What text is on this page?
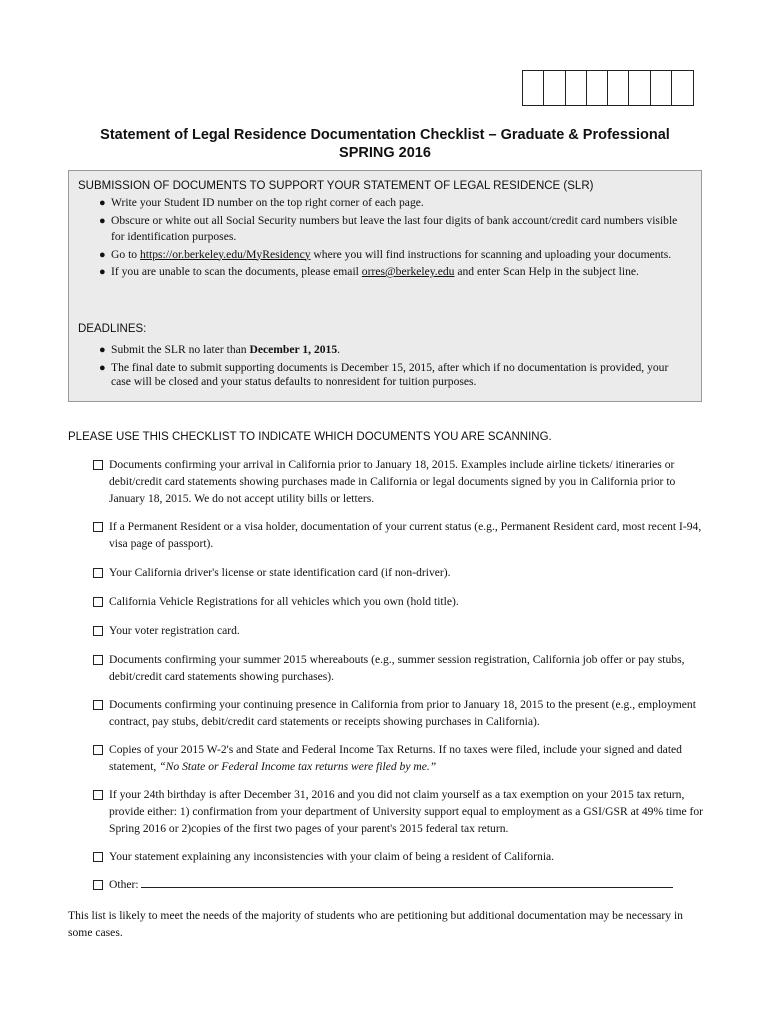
Statement of Legal Residence Documentation Checklist – Graduate & Professional
SPRING 2016
SUBMISSION OF DOCUMENTS TO SUPPORT YOUR STATEMENT OF LEGAL RESIDENCE (SLR)
● Write your Student ID number on the top right corner of each page.
● Obscure or white out all Social Security numbers but leave the last four digits of bank account/credit card numbers visible for identification purposes.
● Go to https://or.berkeley.edu/MyResidency where you will find instructions for scanning and uploading your documents.
● If you are unable to scan the documents, please email orres@berkeley.edu and enter Scan Help in the subject line.
DEADLINES:
● Submit the SLR no later than December 1, 2015.
● The final date to submit supporting documents is December 15, 2015, after which if no documentation is provided, your case will be closed and your status defaults to nonresident for tuition purposes.
PLEASE USE THIS CHECKLIST TO INDICATE WHICH DOCUMENTS YOU ARE SCANNING.
Documents confirming your arrival in California prior to January 18, 2015. Examples include airline tickets/ itineraries or debit/credit card statements showing purchases made in California or legal documents signed by you in California prior to January 18, 2015. We do not accept utility bills or letters.
If a Permanent Resident or a visa holder, documentation of your current status (e.g., Permanent Resident card, most recent I-94, visa page of passport).
Your California driver's license or state identification card (if non-driver).
California Vehicle Registrations for all vehicles which you own (hold title).
Your voter registration card.
Documents confirming your summer 2015 whereabouts (e.g., summer session registration, California job offer or pay stubs, debit/credit card statements showing purchases).
Documents confirming your continuing presence in California from prior to January 18, 2015 to the present (e.g., employment contract, pay stubs, debit/credit card statements or receipts showing purchases in California).
Copies of your 2015 W-2's and State and Federal Income Tax Returns. If no taxes were filed, include your signed and dated statement, “No State or Federal Income tax returns were filed by me.”
If your 24th birthday is after December 31, 2016 and you did not claim yourself as a tax exemption on your 2015 tax return, provide either: 1) confirmation from your department of University support equal to employment as a GSI/GSR at 49% time for Spring 2016 or 2)copies of the first two pages of your parent's 2015 federal tax return.
Your statement explaining any inconsistencies with your claim of being a resident of California.
Other:
This list is likely to meet the needs of the majority of students who are petitioning but additional documentation may be necessary in some cases.
